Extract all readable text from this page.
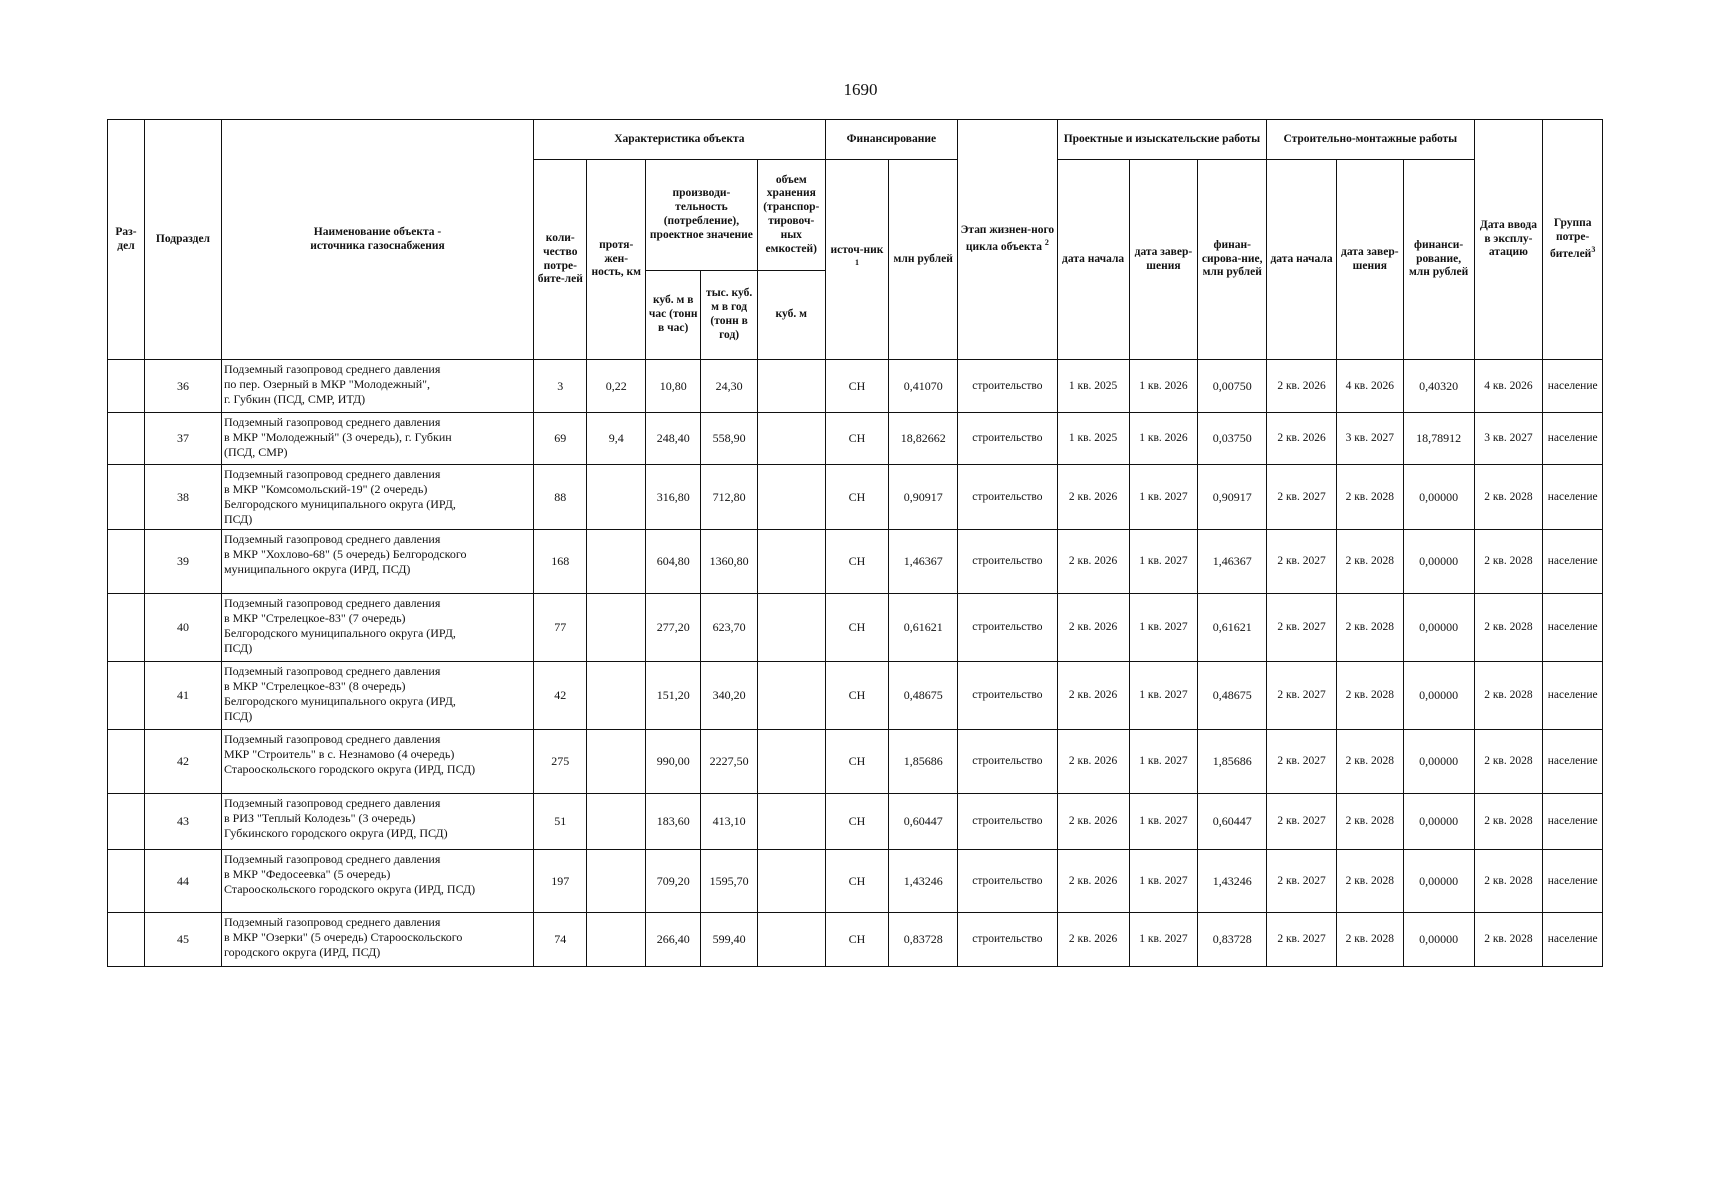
1690
Раз-дел	Подраздел	Наименование объекта -
источника газоснабжения	Характеристика объекта					Финансирование		Этап жизнен-ного цикла объекта $^2$	Проектные и изыскательские работы			Строительно-монтажные работы			Дата ввода в эксплу-атацию	Группа потре-бителей$^3$
			коли-чество потре-бите-лей	протя-жен-ность, км	производи-тельность (потребление), проектное значение		объем хранения (транспор-тировоч-ных емкостей)	источ-ник $^1$	млн рублей		дата начала	дата завер-шения	финан-сирова-ние, млн рублей	дата начала	дата завер-шения	финанси-рование, млн рублей		
					куб. м в час (тонн в час)	тыс. куб. м в год (тонн в год)	куб. м											
	36	Подземный газопровод среднего давления
по пер. Озерный в МКР "Молодежный",
г. Губкин (ПСД, СМР, ИТД)	3	0,22	10,80	24,30		СН	0,41070	строительство	1 кв. 2025	1 кв. 2026	0,00750	2 кв. 2026	4 кв. 2026	0,40320	4 кв. 2026	население
	37	Подземный газопровод среднего давления
в МКР "Молодежный" (3 очередь), г. Губкин
(ПСД, СМР)	69	9,4	248,40	558,90		СН	18,82662	строительство	1 кв. 2025	1 кв. 2026	0,03750	2 кв. 2026	3 кв. 2027	18,78912	3 кв. 2027	население
	38	Подземный газопровод среднего давления
в МКР "Комсомольский-19" (2 очередь)
Белгородского муниципального округа (ИРД,
ПСД)	88		316,80	712,80		СН	0,90917	строительство	2 кв. 2026	1 кв. 2027	0,90917	2 кв. 2027	2 кв. 2028	0,00000	2 кв. 2028	население
	39	Подземный газопровод среднего давления
в МКР "Хохлово-68" (5 очередь) Белгородского
муниципального округа (ИРД, ПСД)	168		604,80	1360,80		СН	1,46367	строительство	2 кв. 2026	1 кв. 2027	1,46367	2 кв. 2027	2 кв. 2028	0,00000	2 кв. 2028	население
	40	Подземный газопровод среднего давления
в МКР "Стрелецкое-83" (7 очередь)
Белгородского муниципального округа (ИРД,
ПСД)	77		277,20	623,70		СН	0,61621	строительство	2 кв. 2026	1 кв. 2027	0,61621	2 кв. 2027	2 кв. 2028	0,00000	2 кв. 2028	население
	41	Подземный газопровод среднего давления
в МКР "Стрелецкое-83" (8 очередь)
Белгородского муниципального округа (ИРД,
ПСД)	42		151,20	340,20		СН	0,48675	строительство	2 кв. 2026	1 кв. 2027	0,48675	2 кв. 2027	2 кв. 2028	0,00000	2 кв. 2028	население
	42	Подземный газопровод среднего давления
МКР "Строитель" в с. Незнамово (4 очередь)
Старооскольского городского округа (ИРД, ПСД)	275		990,00	2227,50		СН	1,85686	строительство	2 кв. 2026	1 кв. 2027	1,85686	2 кв. 2027	2 кв. 2028	0,00000	2 кв. 2028	население
	43	Подземный газопровод среднего давления
в РИЗ "Теплый Колодезь" (3 очередь)
Губкинского городского округа (ИРД, ПСД)	51		183,60	413,10		СН	0,60447	строительство	2 кв. 2026	1 кв. 2027	0,60447	2 кв. 2027	2 кв. 2028	0,00000	2 кв. 2028	население
	44	Подземный газопровод среднего давления
в МКР "Федосеевка" (5 очередь)
Старооскольского городского округа (ИРД, ПСД)	197		709,20	1595,70		СН	1,43246	строительство	2 кв. 2026	1 кв. 2027	1,43246	2 кв. 2027	2 кв. 2028	0,00000	2 кв. 2028	население
	45	Подземный газопровод среднего давления
в МКР "Озерки" (5 очередь) Старооскольского
городского округа (ИРД, ПСД)	74		266,40	599,40		СН	0,83728	строительство	2 кв. 2026	1 кв. 2027	0,83728	2 кв. 2027	2 кв. 2028	0,00000	2 кв. 2028	население
